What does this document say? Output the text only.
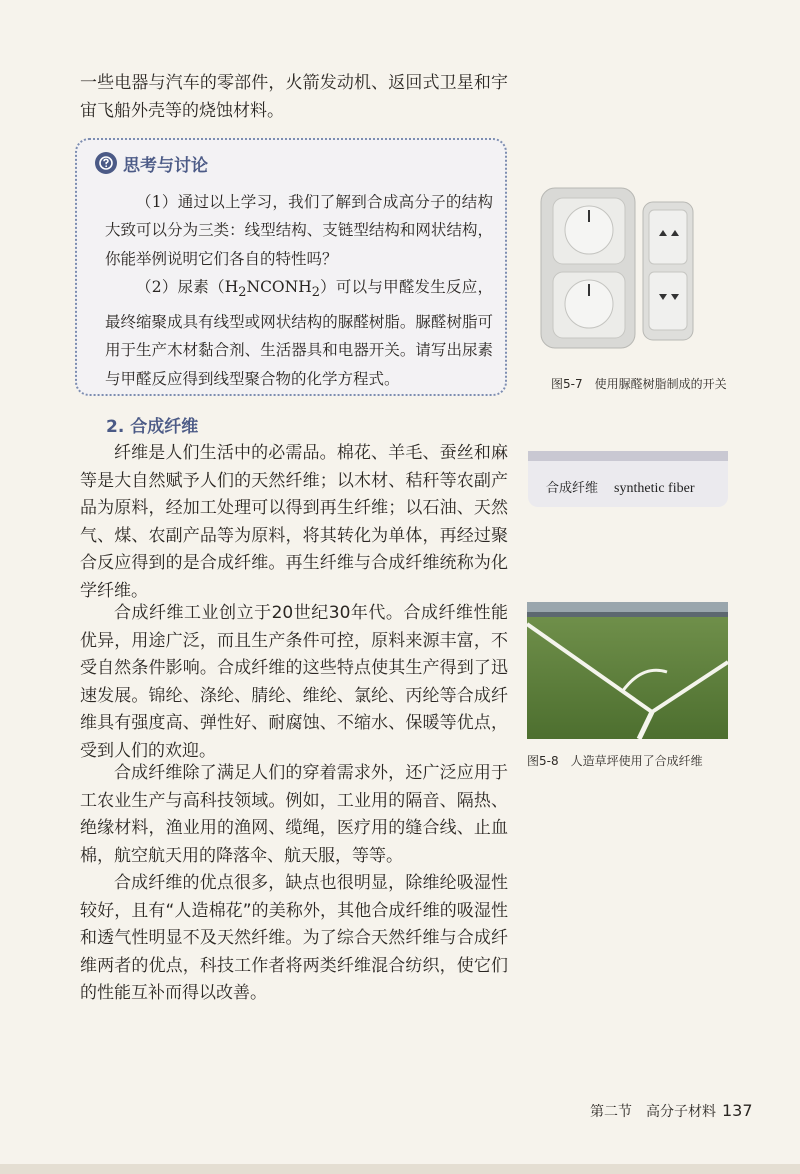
一些电器与汽车的零部件，火箭发动机、返回式卫星和宇宙飞船外壳等的烧蚀材料。

思考与讨论

（1）通过以上学习，我们了解到合成高分子的结构大致可以分为三类：线型结构、支链型结构和网状结构，你能举例说明它们各自的特性吗？

（2）尿素$(H_2NCONH_2)$可以与甲醛发生反应，最终缩聚成具有线型或网状结构的脲醛树脂。脲醛树脂可用于生产木材黏合剂、生活器具和电器开关。请写出尿素与甲醛反应得到线型聚合物的化学方程式。	图5-7　使用脲醛树脂制成的开关
2. 合成纤维

纤维是人们生活中的必需品。棉花、羊毛、蚕丝和麻等是大自然赋予人们的天然纤维；以木材、秸秆等农副产品为原料，经加工处理可以得到再生纤维；以石油、天然气、煤、农副产品等为原料，将其转化为单体，再经过聚合反应得到的是合成纤维。再生纤维与合成纤维统称为化学纤维。

合成纤维工业创立于20世纪30年代。合成纤维性能优异，用途广泛，而且生产条件可控，原料来源丰富，不受自然条件影响。合成纤维的这些特点使其生产得到了迅速发展。锦纶、涤纶、腈纶、维纶、氯纶、丙纶等合成纤维具有强度高、弹性好、耐腐蚀、不缩水、保暖等优点，受到人们的欢迎。

合成纤维除了满足人们的穿着需求外，还广泛应用于工农业生产与高科技领域。例如，工业用的隔音、隔热、绝缘材料，渔业用的渔网、缆绳，医疗用的缝合线、止血棉，航空航天用的降落伞、航天服，等等。

合成纤维的优点很多，缺点也很明显，除维纶吸湿性较好，且有“人造棉花”的美称外，其他合成纤维的吸湿性和透气性明显不及天然纤维。为了综合天然纤维与合成纤维两者的优点，科技工作者将两类纤维混合纺织，使它们的性能互补而得以改善。

合成纤维 synthetic fiber
图5-8　人造草坪使用了合成纤维
第二节　高分子材料 137
